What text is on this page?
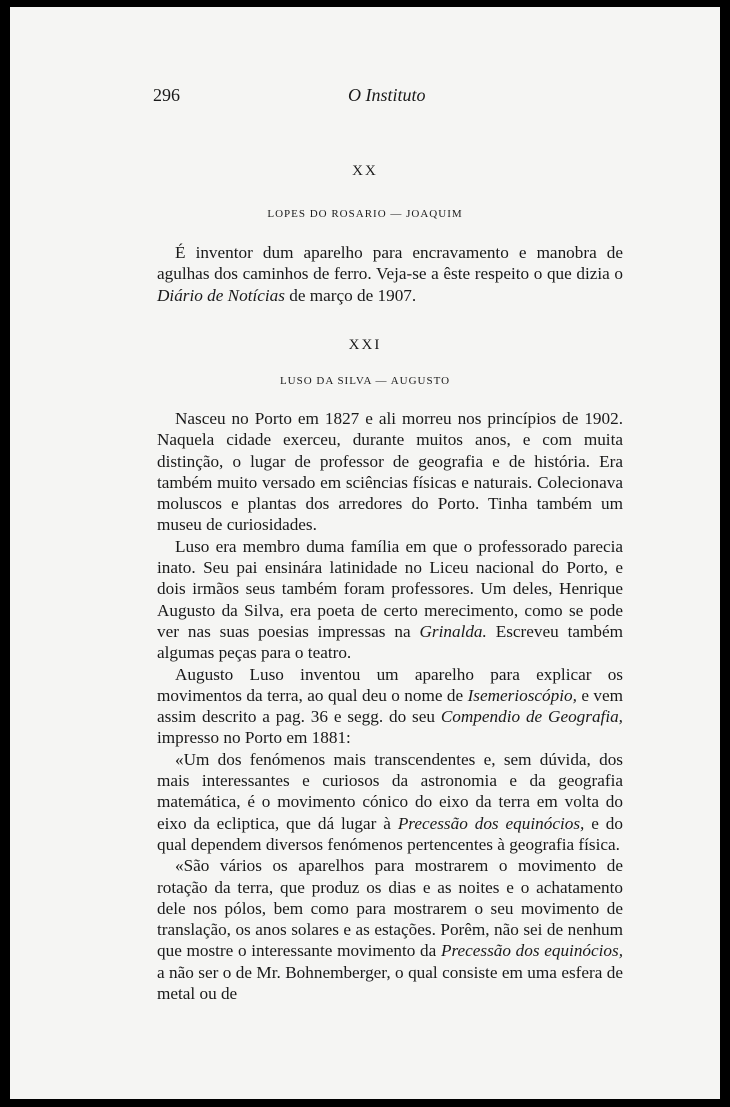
296	O Instituto
XX
LOPES DO ROSARIO — JOAQUIM

É inventor dum aparelho para encravamento e manobra de agulhas dos caminhos de ferro. Veja-se a êste respeito o que dizia o Diário de Notícias de março de 1907.

XXI
LUSO DA SILVA — AUGUSTO

Nasceu no Porto em 1827 e ali morreu nos princípios de 1902. Naquela cidade exerceu, durante muitos anos, e com muita distinção, o lugar de professor de geografia e de história. Era também muito versado em sciências físicas e naturais. Colecionava moluscos e plantas dos arredores do Porto. Tinha também um museu de curiosidades.

Luso era membro duma família em que o professorado parecia inato. Seu pai ensinára latinidade no Liceu nacional do Porto, e dois irmãos seus também foram professores. Um deles, Henrique Augusto da Silva, era poeta de certo merecimento, como se pode ver nas suas poesias impressas na Grinalda. Escreveu também algumas peças para o teatro.

Augusto Luso inventou um aparelho para explicar os movimentos da terra, ao qual deu o nome de Isemerioscópio, e vem assim descrito a pag. 36 e segg. do seu Compendio de Geografia, impresso no Porto em 1881:

«Um dos fenómenos mais transcendentes e, sem dúvida, dos mais interessantes e curiosos da astronomia e da geografia matemática, é o movimento cónico do eixo da terra em volta do eixo da ecliptica, que dá lugar à Precessão dos equinócios, e do qual dependem diversos fenómenos pertencentes à geografia física.

«São vários os aparelhos para mostrarem o movimento de rotação da terra, que produz os dias e as noites e o achatamento dele nos pólos, bem como para mostrarem o seu movimento de translação, os anos solares e as estações. Porêm, não sei de nenhum que mostre o interessante movimento da Precessão dos equinócios, a não ser o de Mr. Bohnemberger, o qual consiste em uma esfera de metal ou de
